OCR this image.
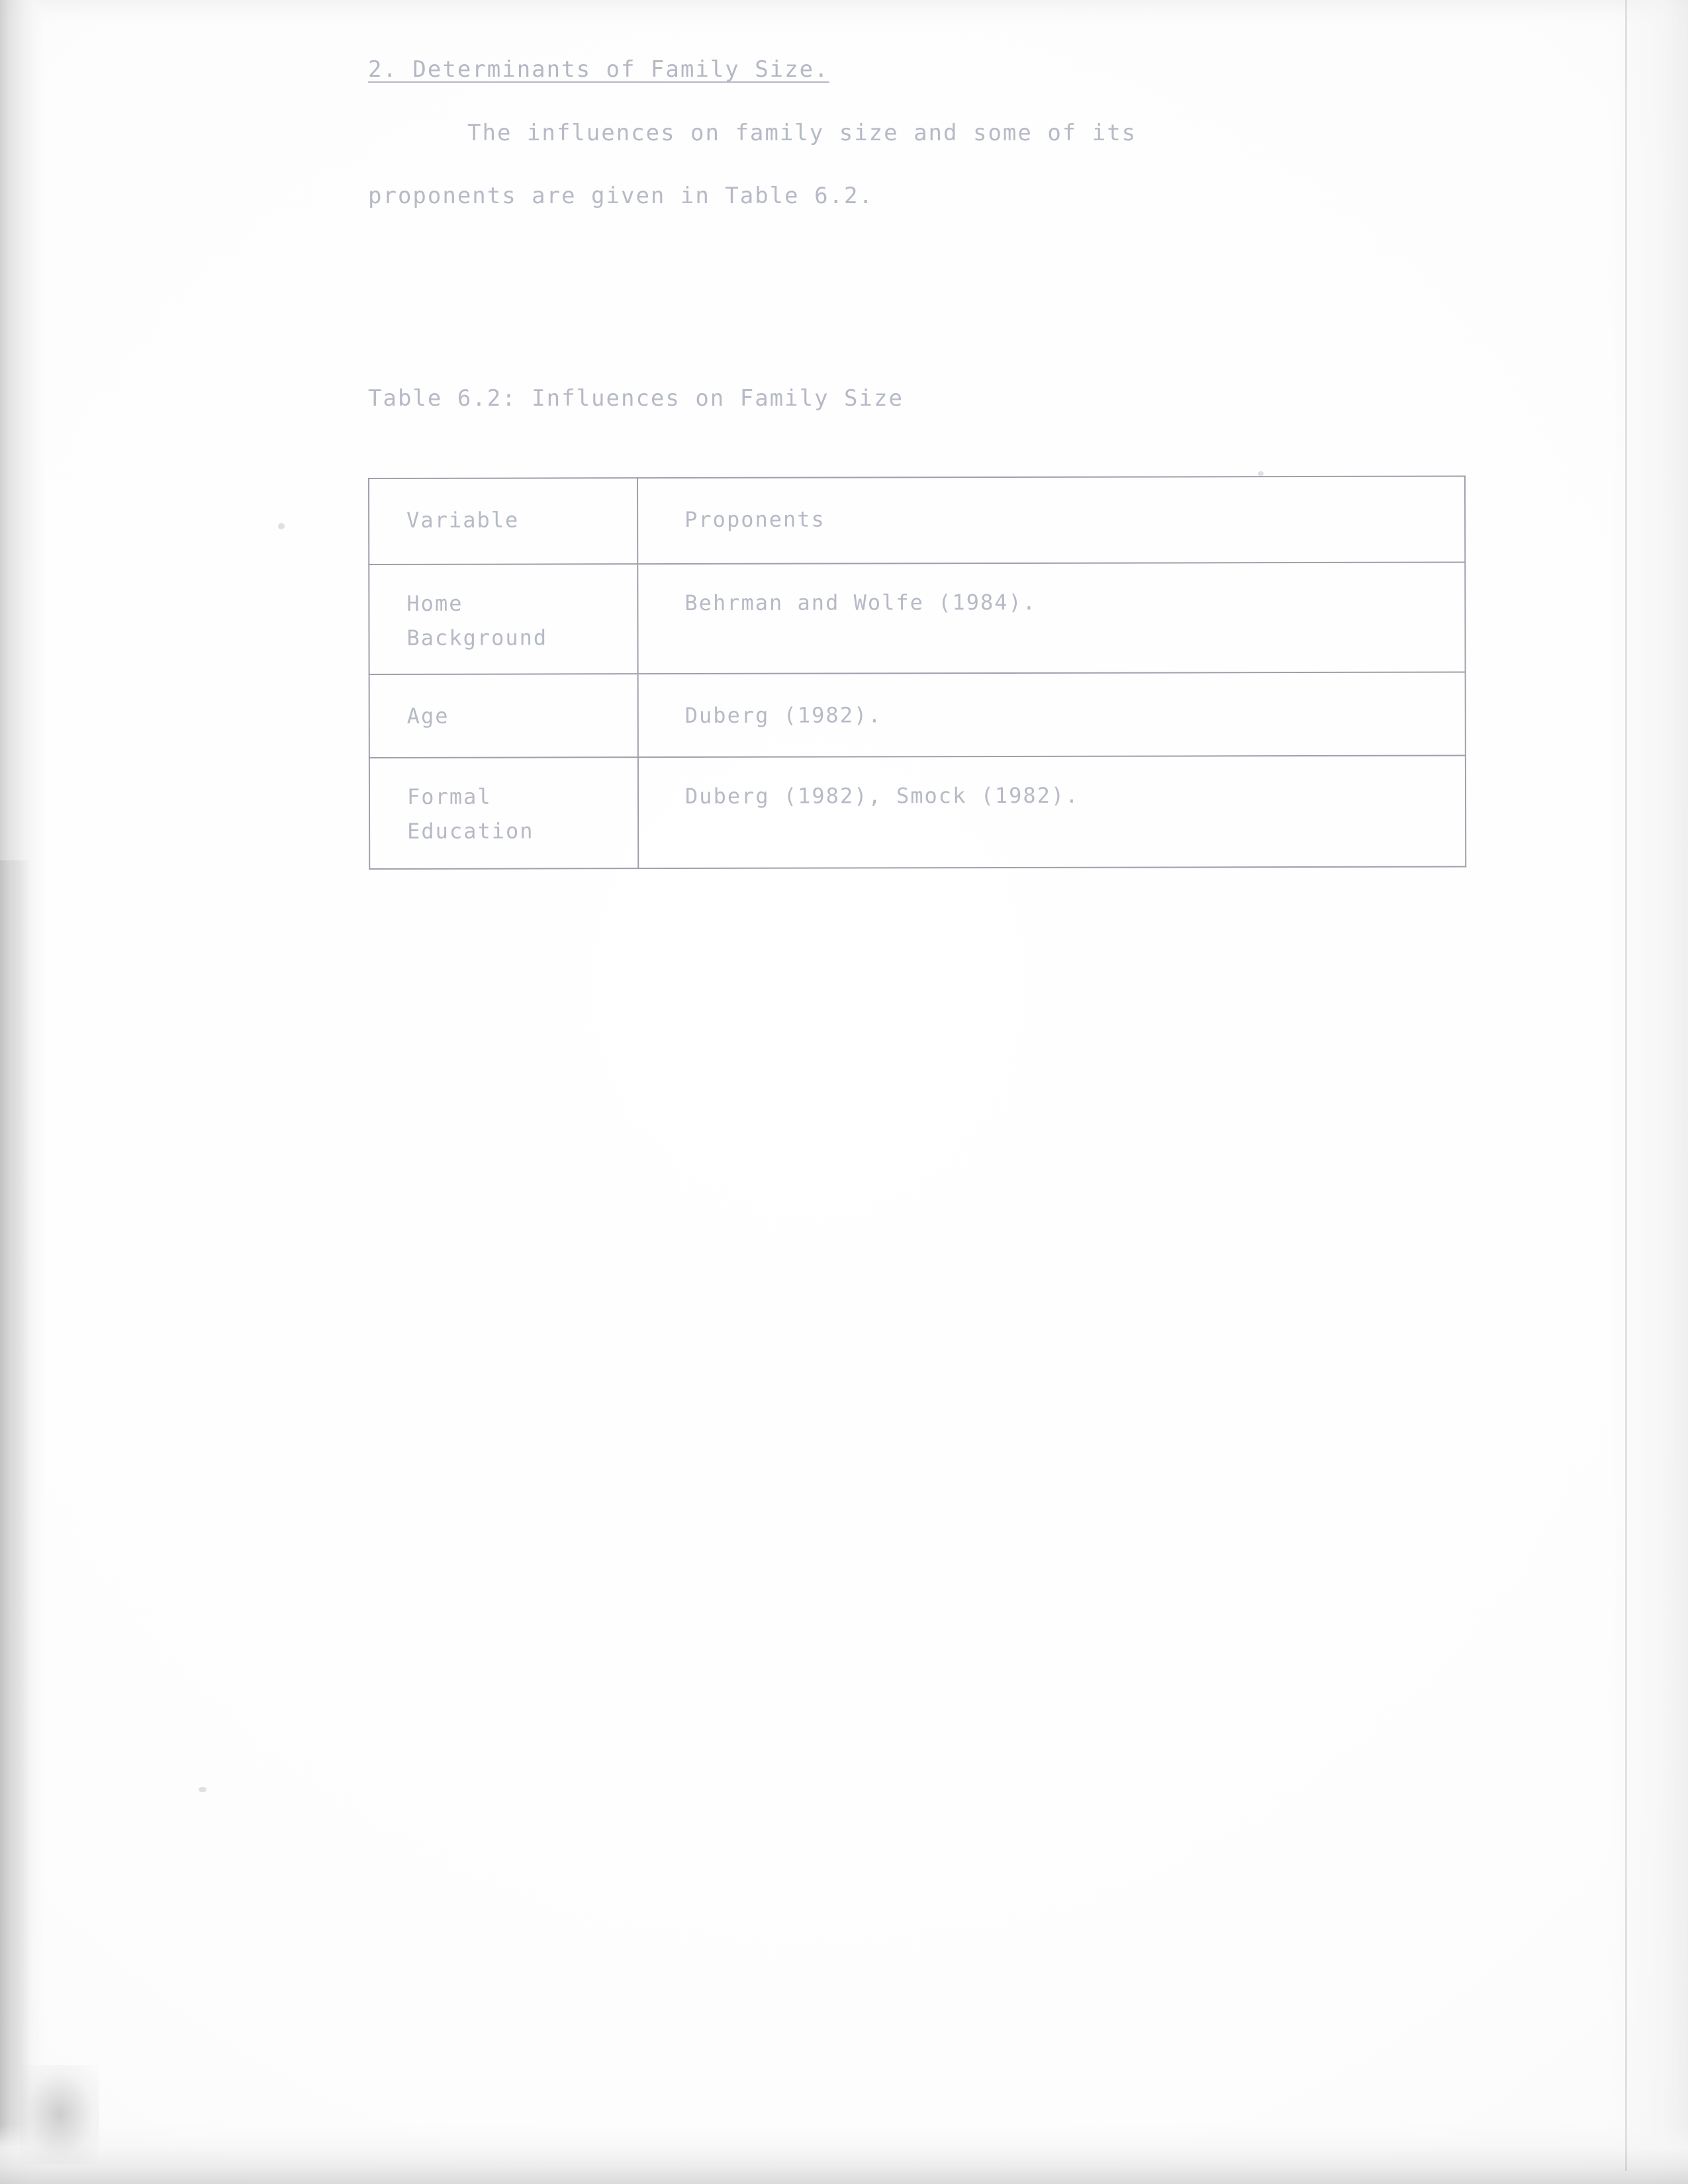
2. Determinants of Family Size.
The influences on family size and some of its
proponents are given in Table 6.2.
Table 6.2: Influences on Family Size
Variable	Proponents

Home
Background	Behrman and Wolfe (1984).

Age	Duberg (1982).

Formal
Education	Duberg (1982), Smock (1982).
